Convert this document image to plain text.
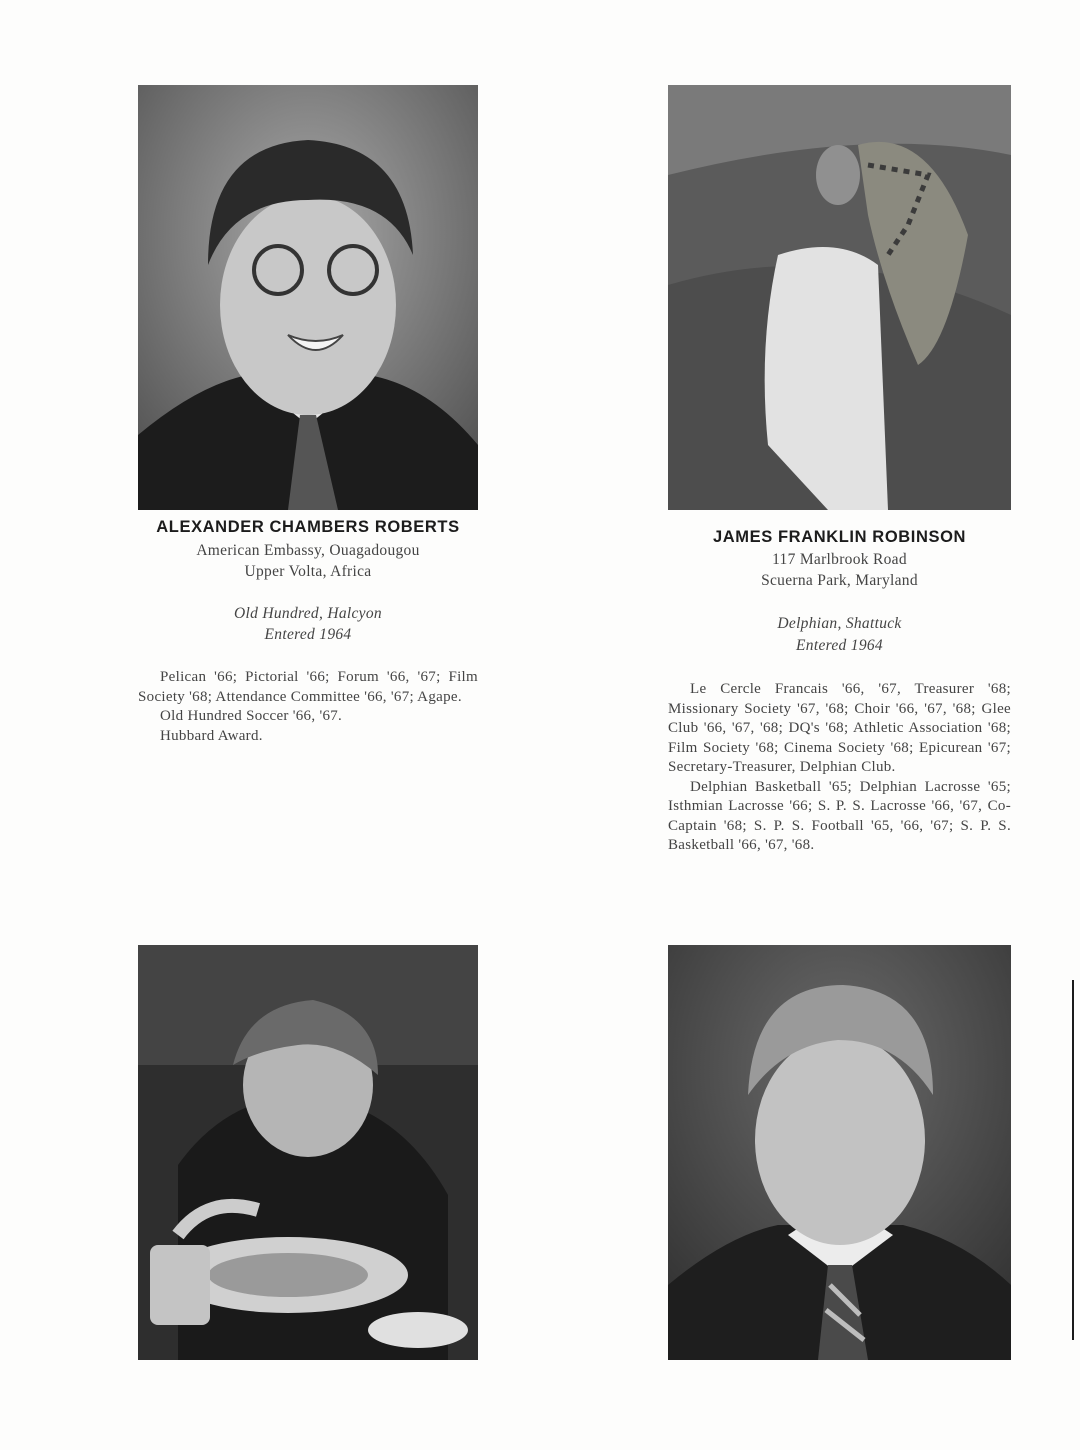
ALEXANDER CHAMBERS ROBERTS
American Embassy, Ouagadougou
Upper Volta, Africa
Old Hundred, Halcyon
Entered 1964

Pelican '66; Pictorial '66; Forum '66, '67; Film Society '68; Attendance Committee '66, '67; Agape.

Old Hundred Soccer '66, '67.

Hubbard Award.

JAMES FRANKLIN ROBINSON
117 Marlbrook Road
Scuerna Park, Maryland
Delphian, Shattuck
Entered 1964

Le Cercle Francais '66, '67, Treasurer '68; Missionary Society '67, '68; Choir '66, '67, '68; Glee Club '66, '67, '68; DQ's '68; Athletic Association '68; Film Society '68; Cinema Society '68; Epicurean '67; Secretary-Treasurer, Delphian Club.

Delphian Basketball '65; Delphian Lacrosse '65; Isthmian Lacrosse '66; S. P. S. Lacrosse '66, '67, Co-Captain '68; S. P. S. Football '65, '66, '67; S. P. S. Basketball '66, '67, '68.
